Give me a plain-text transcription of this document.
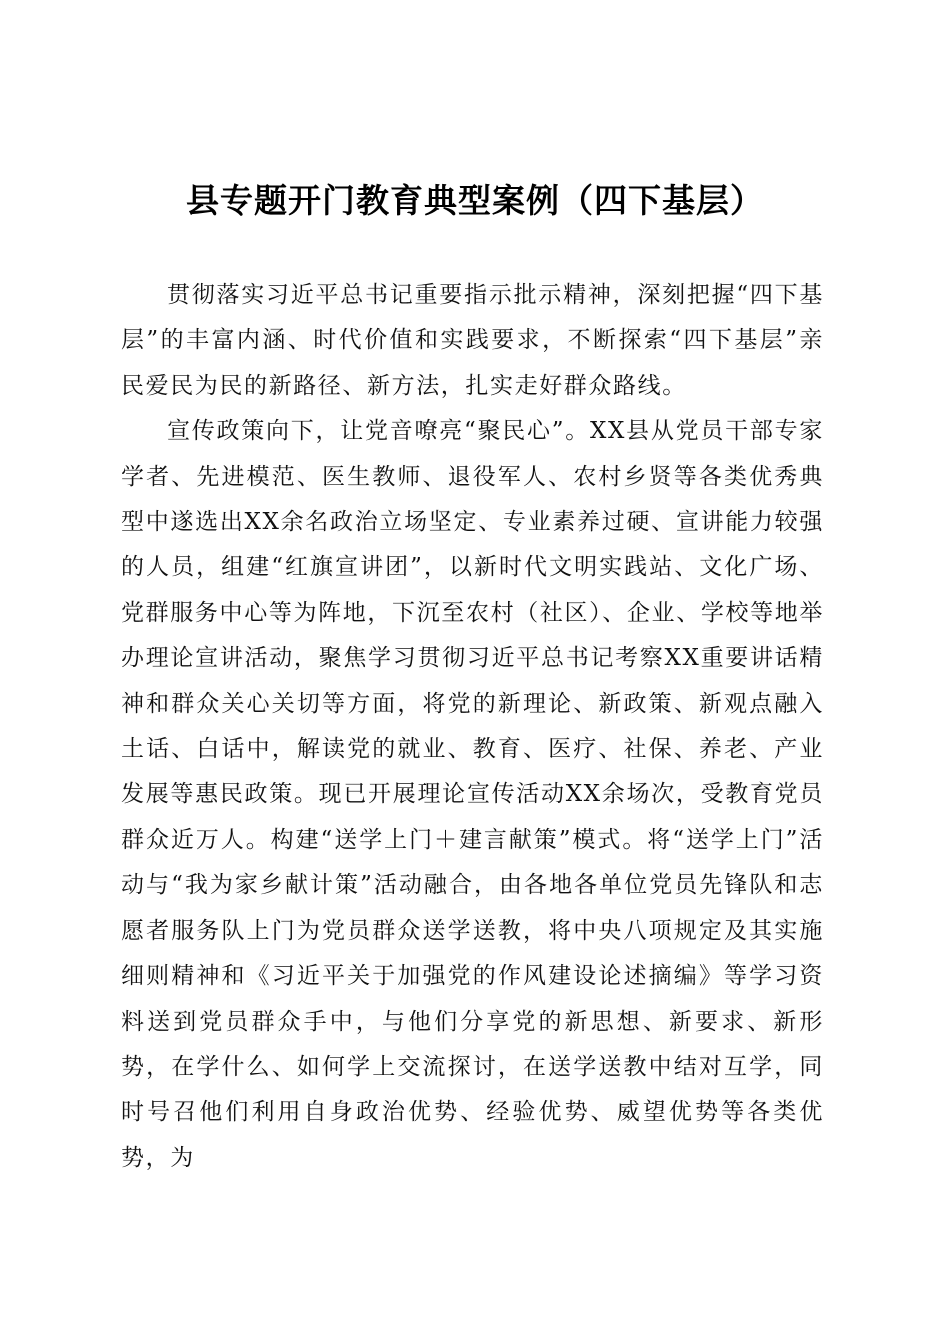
县专题开门教育典型案例（四下基层）

贯彻落实习近平总书记重要指示批示精神，深刻把握“四下基层”的丰富内涵、时代价值和实践要求，不断探索“四下基层”亲民爱民为民的新路径、新方法，扎实走好群众路线。

宣传政策向下，让党音嘹亮“聚民心”。XX县从党员干部专家学者、先进模范、医生教师、退役军人、农村乡贤等各类优秀典型中遂选出XX余名政治立场坚定、专业素养过硬、宣讲能力较强的人员，组建“红旗宣讲团”，以新时代文明实践站、文化广场、党群服务中心等为阵地，下沉至农村（社区）、企业、学校等地举办理论宣讲活动，聚焦学习贯彻习近平总书记考察XX重要讲话精神和群众关心关切等方面，将党的新理论、新政策、新观点融入土话、白话中，解读党的就业、教育、医疗、社保、养老、产业发展等惠民政策。现已开展理论宣传活动XX余场次，受教育党员群众近万人。构建“送学上门＋建言献策”模式。将“送学上门”活动与“我为家乡献计策”活动融合，由各地各单位党员先锋队和志愿者服务队上门为党员群众送学送教，将中央八项规定及其实施细则精神和《习近平关于加强党的作风建设论述摘编》等学习资料送到党员群众手中，与他们分享党的新思想、新要求、新形势，在学什么、如何学上交流探讨，在送学送教中结对互学，同时号召他们利用自身政治优势、经验优势、威望优势等各类优势，为
